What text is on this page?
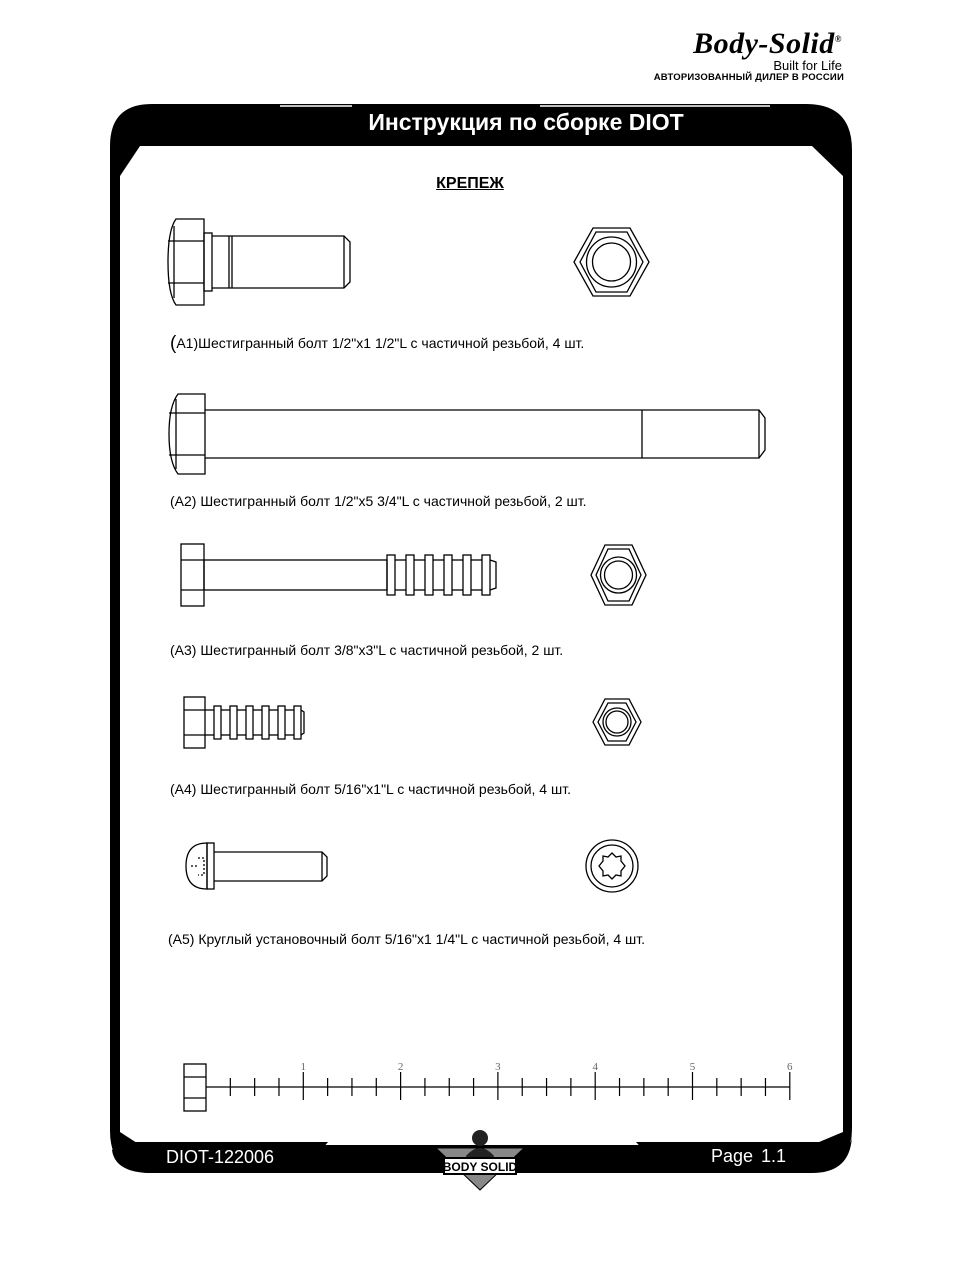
Body-Solid®
Built for Life
АВТОРИЗОВАННЫЙ ДИЛЕР В РОССИИ
Инструкция по сборке DIOT
КРЕПЕЖ
1	2	3	4	5	6
(А1)Шестигранный болт 1/2"x1 1/2"L с частичной резьбой, 4 шт.
(A2) Шестигранный болт 1/2"x5 3/4"L с частичной резьбой, 2 шт.
(A3) Шестигранный болт 3/8"x3"L с частичной резьбой, 2 шт.
(A4) Шестигранный болт 5/16"x1"L с частичной резьбой, 4 шт.
(A5) Круглый установочный болт 5/16"x1 1/4"L с частичной резьбой, 4 шт.
DIOT-122006	Page 1.1
BODY SOLID
